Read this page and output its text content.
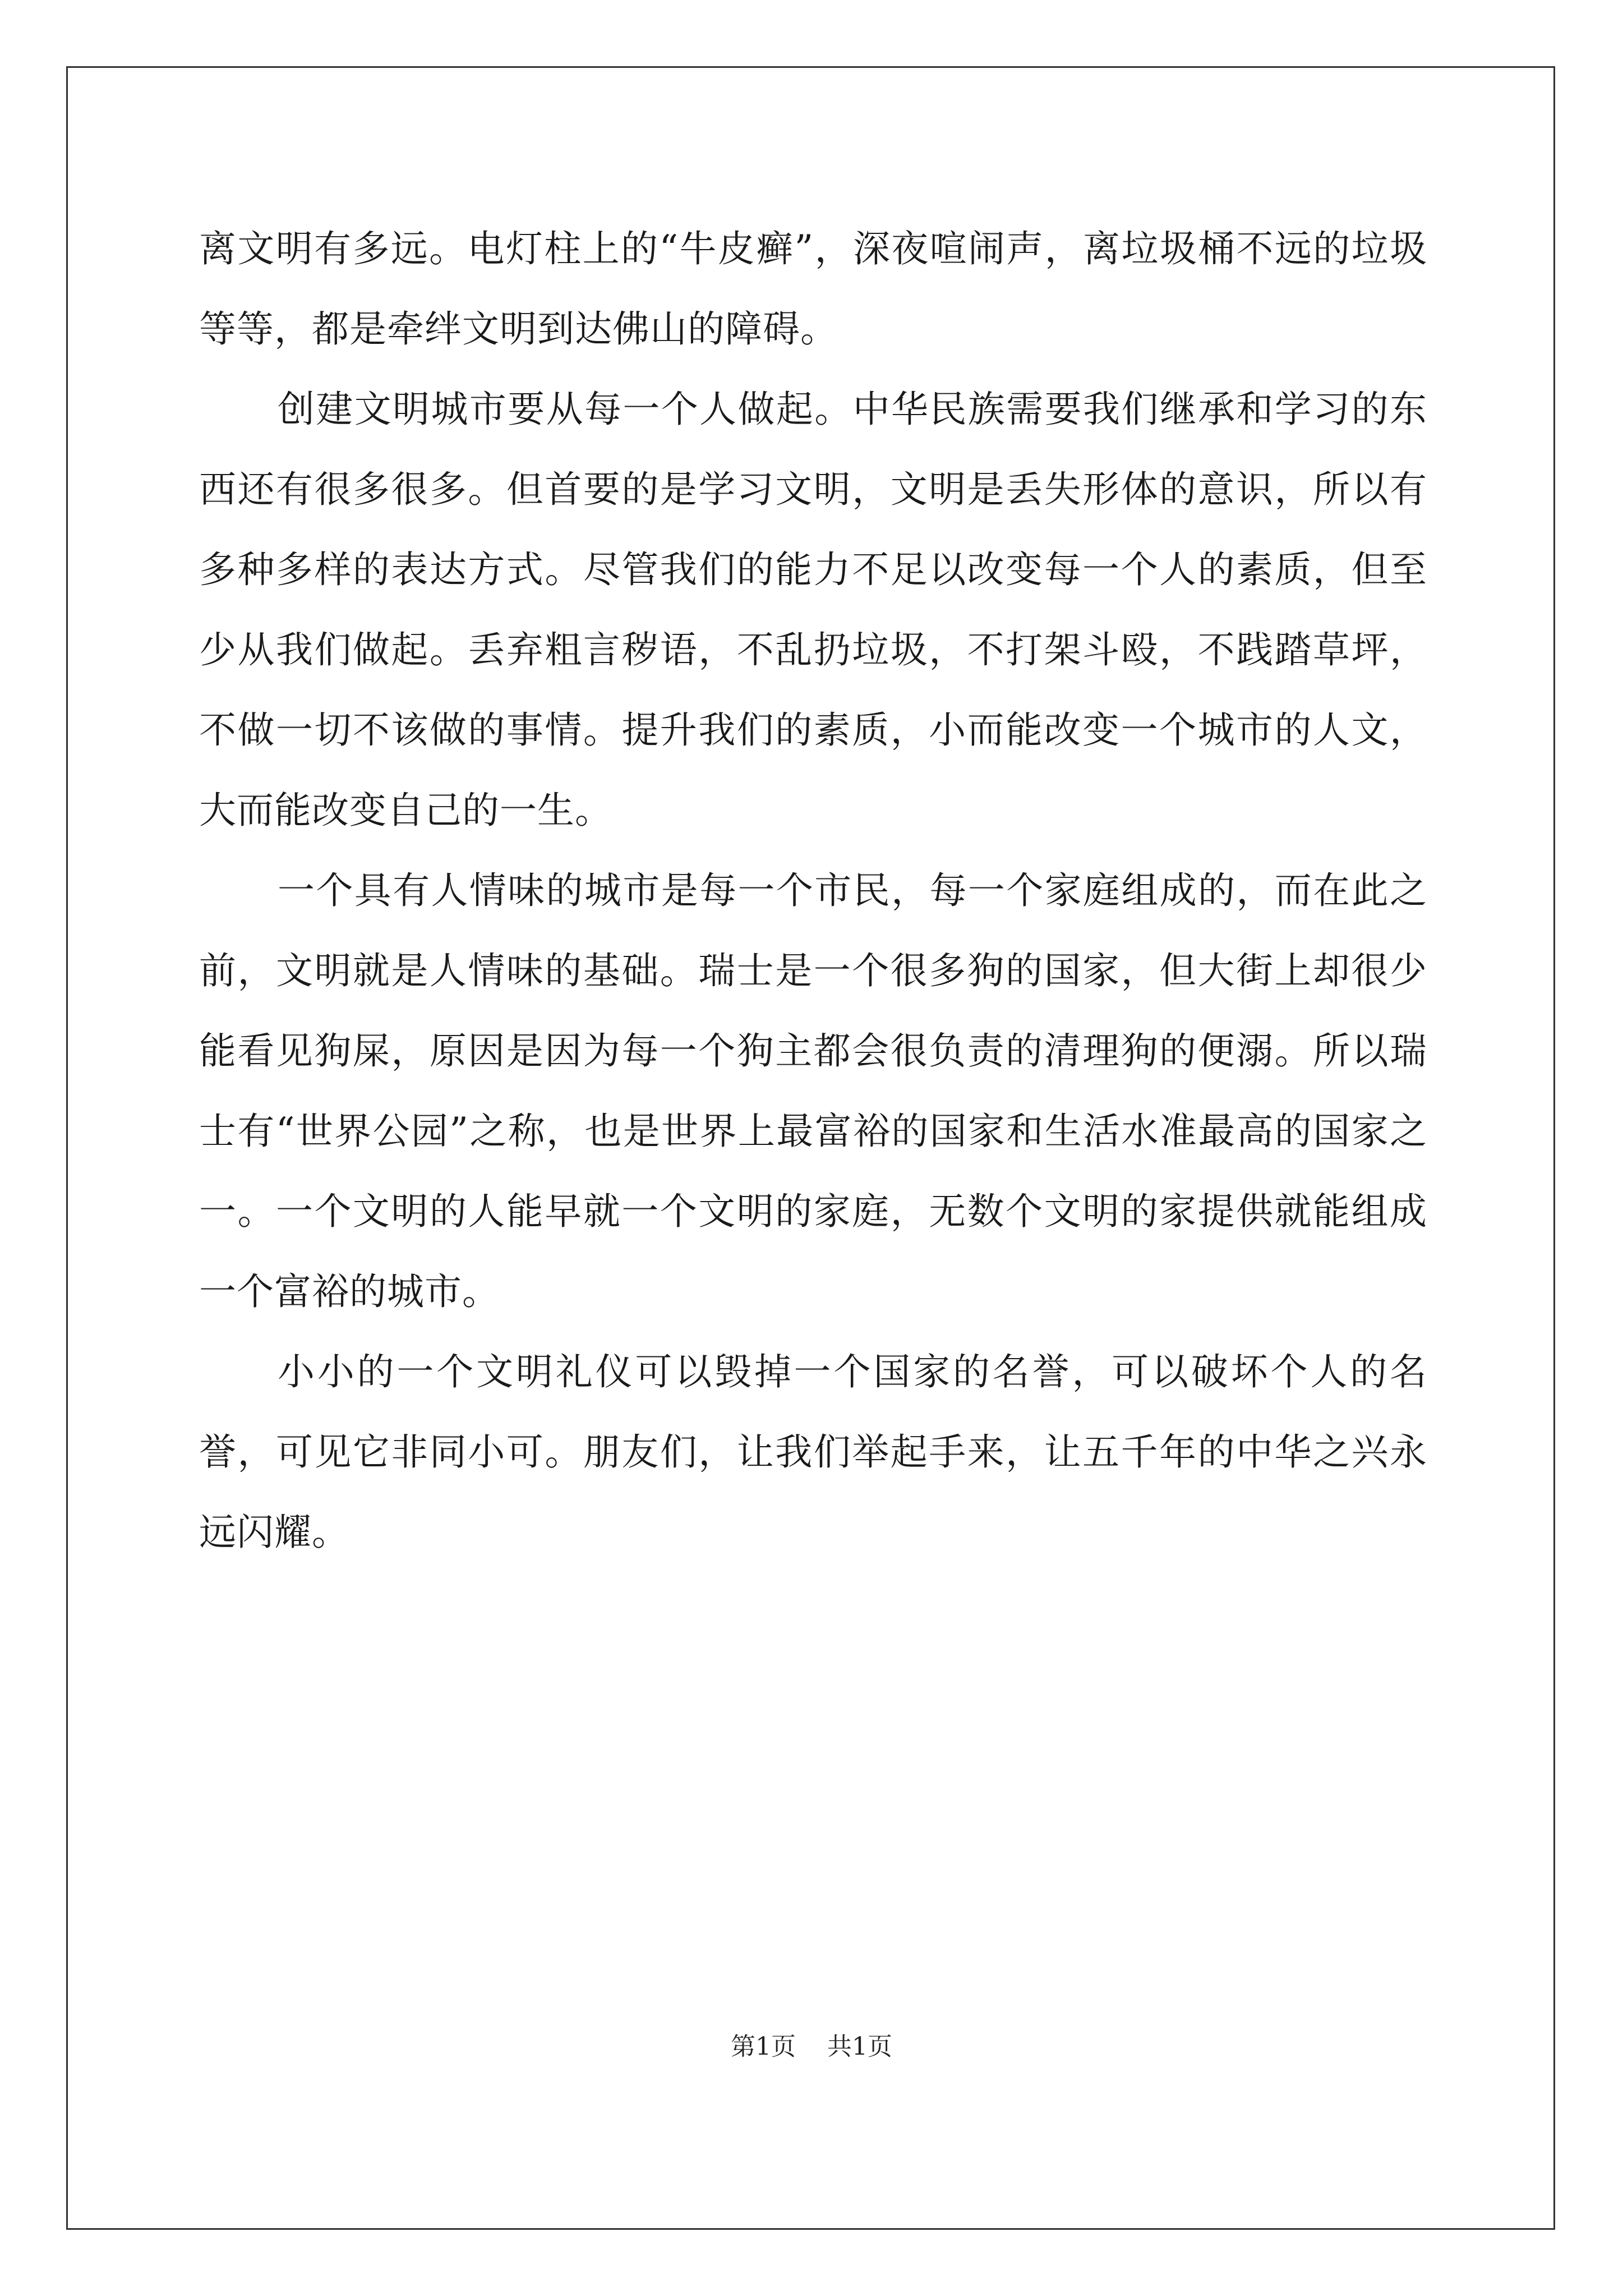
离文明有多远。电灯柱上的“牛皮癣”，深夜喧闹声，离垃圾桶不远的垃圾等等，都是牵绊文明到达佛山的障碍。

创建文明城市要从每一个人做起。中华民族需要我们继承和学习的东西还有很多很多。但首要的是学习文明，文明是丢失形体的意识，所以有多种多样的表达方式。尽管我们的能力不足以改变每一个人的素质，但至少从我们做起。丢弃粗言秽语，不乱扔垃圾，不打架斗殴，不践踏草坪，不做一切不该做的事情。提升我们的素质，小而能改变一个城市的人文，大而能改变自己的一生。

一个具有人情味的城市是每一个市民，每一个家庭组成的，而在此之前，文明就是人情味的基础。瑞士是一个很多狗的国家，但大街上却很少能看见狗屎，原因是因为每一个狗主都会很负责的清理狗的便溺。所以瑞士有“世界公园”之称，也是世界上最富裕的国家和生活水准最高的国家之一。一个文明的人能早就一个文明的家庭，无数个文明的家提供就能组成一个富裕的城市。

小小的一个文明礼仪可以毁掉一个国家的名誉，可以破坏个人的名誉，可见它非同小可。朋友们，让我们举起手来，让五千年的中华之兴永远闪耀。

第1页 共1页
